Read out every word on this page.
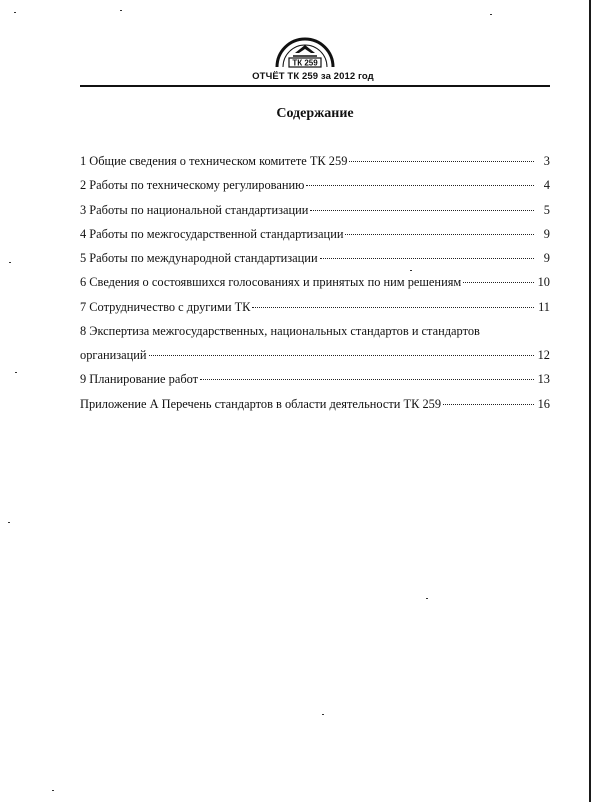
ТК 259
ОТЧЁТ ТК 259 за 2012 год
Содержание
1 Общие сведения о техническом комитете ТК 259	3
2 Работы по техническому регулированию	4
3 Работы по национальной стандартизации	5
4 Работы по межгосударственной стандартизации	9
5 Работы по международной стандартизации	9
6 Сведения о состоявшихся голосованиях и принятых по ним решениям	10
7 Сотрудничество с другими ТК	11
8 Экспертиза межгосударственных, национальных стандартов и стандартов
организаций	12
9 Планирование работ	13
Приложение А Перечень стандартов в области деятельности ТК 259	16
